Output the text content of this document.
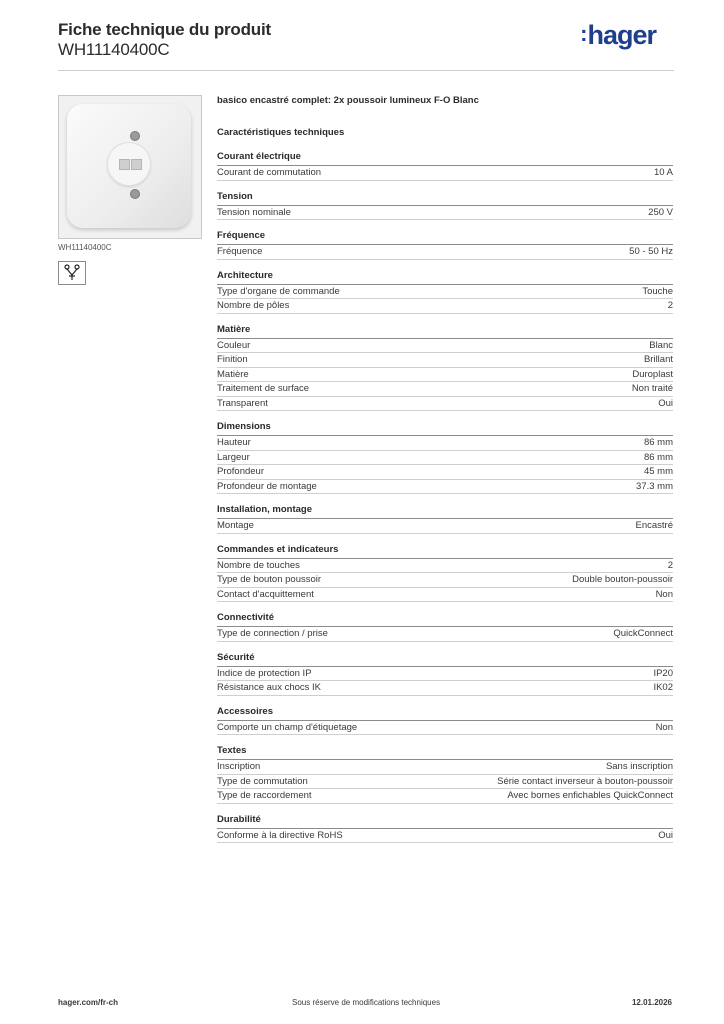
Fiche technique du produit
WH11140400C
:hager
WH11140400C
basico encastré complet: 2x poussoir lumineux F-O Blanc
Caractéristiques techniques
Courant électrique
Courant de commutation	10 A
Tension
Tension nominale	250 V
Fréquence
Fréquence	50 - 50 Hz
Architecture
Type d'organe de commande	Touche
Nombre de pôles	2
Matière
Couleur	Blanc
Finition	Brillant
Matière	Duroplast
Traitement de surface	Non traité
Transparent	Oui
Dimensions
Hauteur	86 mm
Largeur	86 mm
Profondeur	45 mm
Profondeur de montage	37.3 mm
Installation, montage
Montage	Encastré
Commandes et indicateurs
Nombre de touches	2
Type de bouton poussoir	Double bouton-poussoir
Contact d'acquittement	Non
Connectivité
Type de connection / prise	QuickConnect
Sécurité
Indice de protection IP	IP20
Résistance aux chocs IK	IK02
Accessoires
Comporte un champ d'étiquetage	Non
Textes
Inscription	Sans inscription
Type de commutation	Série contact inverseur à bouton-poussoir
Type de raccordement	Avec bornes enfichables QuickConnect
Durabilité
Conforme à la directive RoHS	Oui
hager.com/fr-ch	Sous réserve de modifications techniques	12.01.2026
